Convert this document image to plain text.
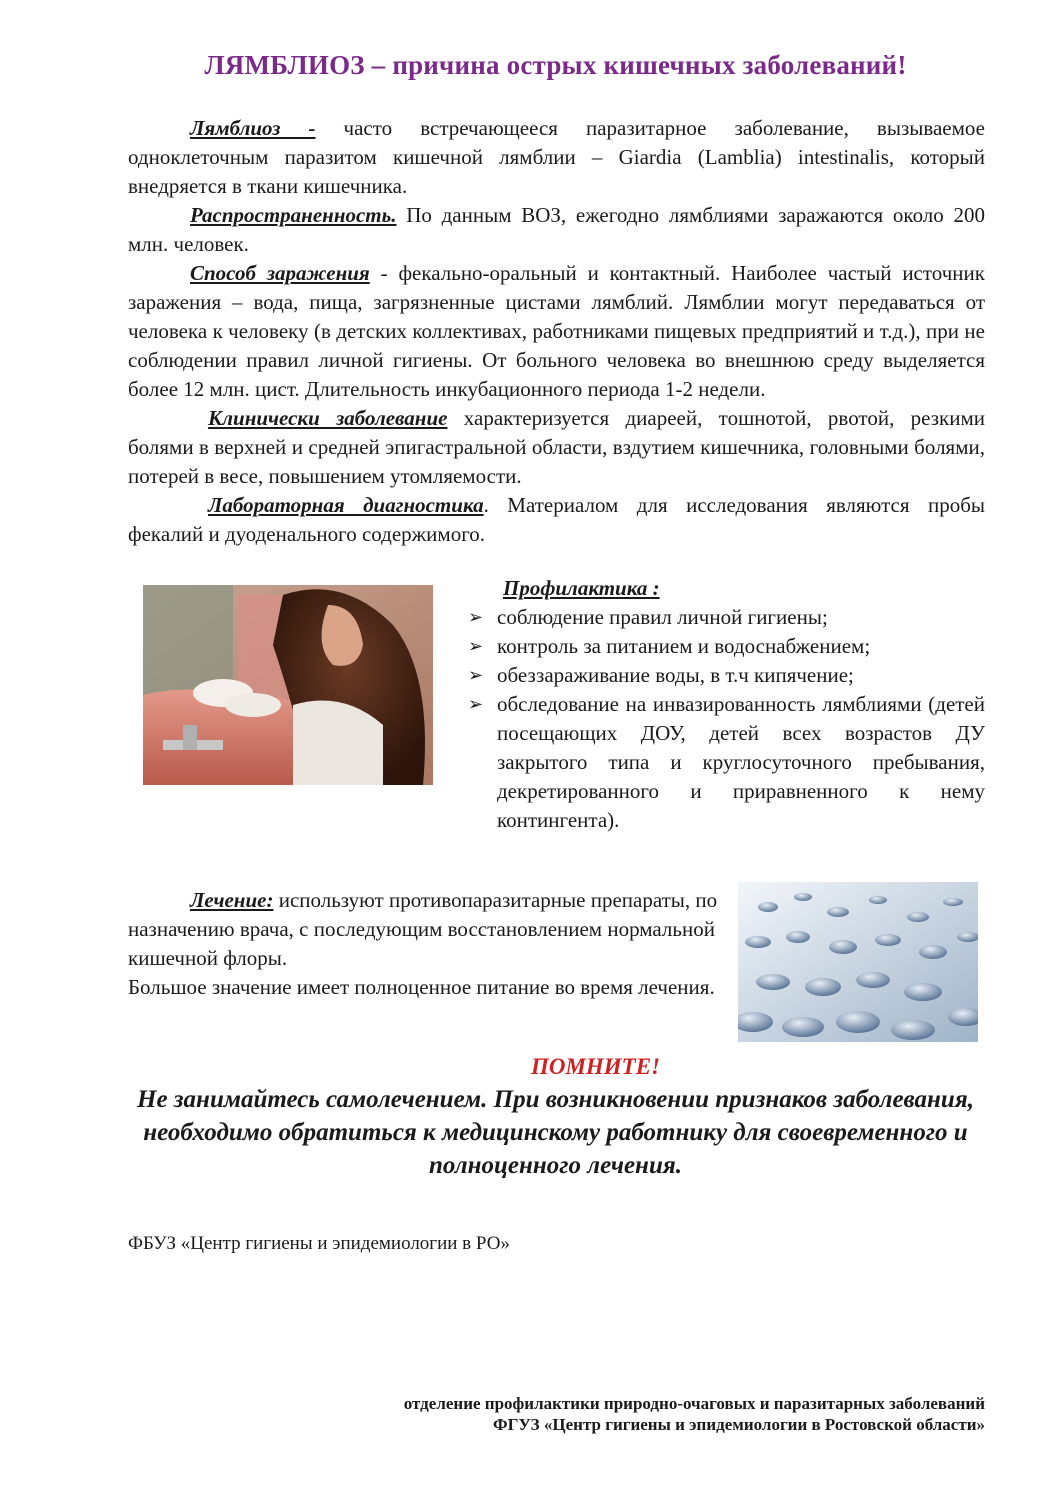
ЛЯМБЛИОЗ – причина острых кишечных заболеваний!

Лямблиоз - часто встречающееся паразитарное заболевание, вызываемое одноклеточным паразитом кишечной лямблии – Giardia (Lamblia) intestinalis, который внедряется в ткани кишечника.

Распространенность. По данным ВОЗ, ежегодно лямблиями заражаются около 200 млн. человек.

Способ заражения - фекально-оральный и контактный. Наиболее частый источник заражения – вода, пища, загрязненные цистами лямблий. Лямблии могут передаваться от человека к человеку (в детских коллективах, работниками пищевых предприятий и т.д.), при не соблюдении правил личной гигиены. От больного человека во внешнюю среду выделяется более 12 млн. цист. Длительность инкубационного периода 1-2 недели.

Клинически заболевание характеризуется диареей, тошнотой, рвотой, резкими болями в верхней и средней эпигастральной области, вздутием кишечника, головными болями, потерей в весе, повышением утомляемости.

Лабораторная диагностика. Материалом для исследования являются пробы фекалий и дуоденального содержимого.

Профилактика :
➢ соблюдение правил личной гигиены;
➢ контроль за питанием и водоснабжением;
➢ обеззараживание воды, в т.ч кипячение;
➢ обследование на инвазированность лямблиями (детей посещающих ДОУ, детей всех возрастов ДУ закрытого типа и круглосуточного пребывания, декретированного и приравненного к нему контингента).
Лечение: используют противопаразитарные препараты, по назначению врача, с последующим восстановлением нормальной кишечной флоры.
Большое значение имеет полноценное питание во время лечения.
ПОМНИТЕ!
Не занимайтесь самолечением. При возникновении признаков заболевания, необходимо обратиться к медицинскому работнику для своевременного и полноценного лечения.
ФБУЗ «Центр гигиены и эпидемиологии в РО»
отделение профилактики природно-очаговых и паразитарных заболеваний
ФГУЗ «Центр гигиены и эпидемиологии в Ростовской области»
